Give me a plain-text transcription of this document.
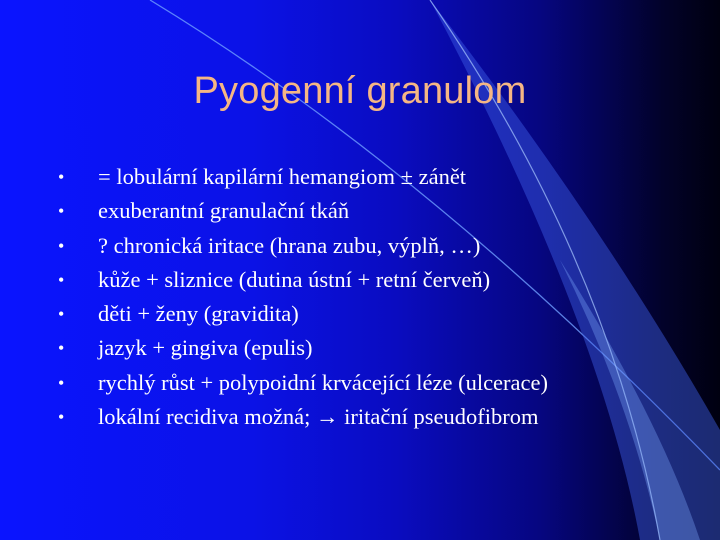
Pyogenní granulom
• = lobulární kapilární hemangiom ± zánět
• exuberantní granulační tkáň
• ? chronická iritace (hrana zubu, výplň, …)
• kůže + sliznice (dutina ústní + retní červeň)
• děti + ženy (gravidita)
• jazyk + gingiva (epulis)
• rychlý růst + polypoidní krvácející léze (ulcerace)
• lokální recidiva možná; → iritační pseudofibrom
